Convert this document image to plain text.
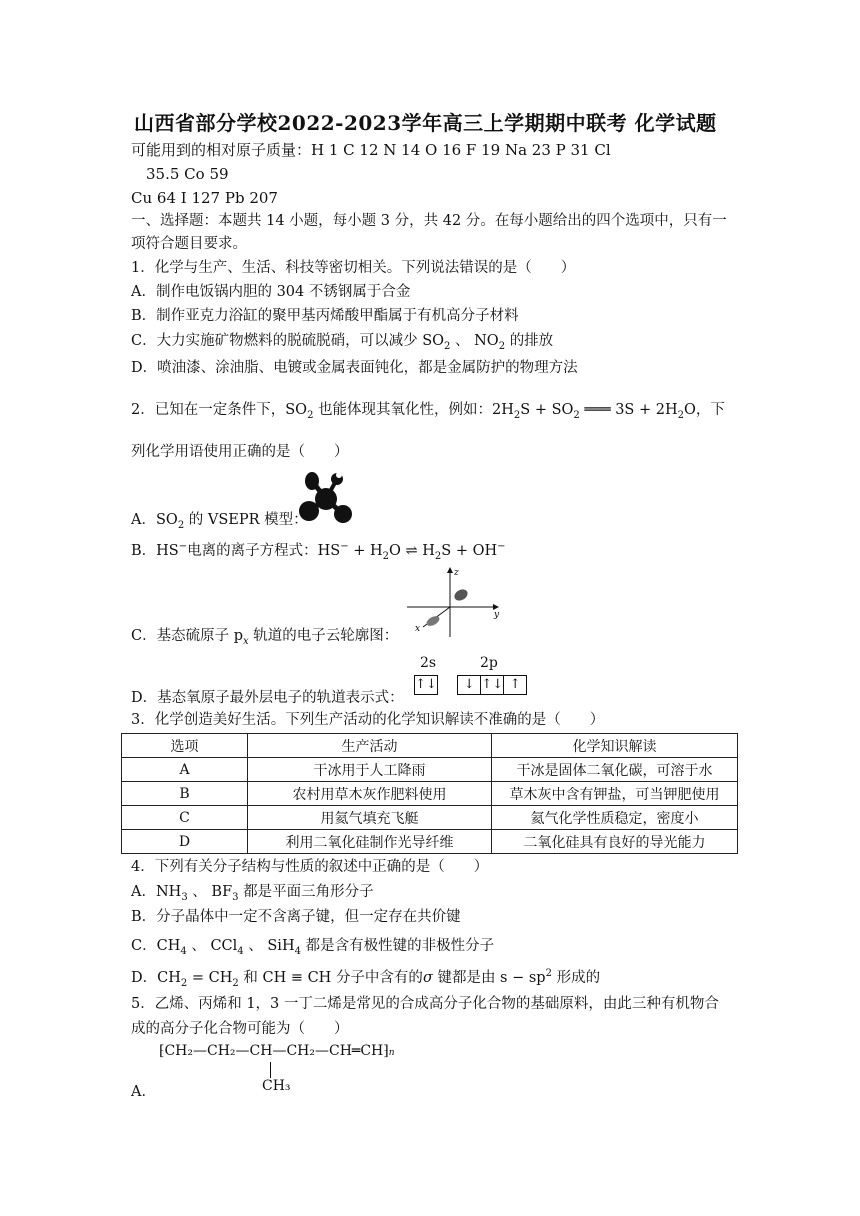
山西省部分学校2022-2023学年高三上学期期中联考 化学试题
可能用到的相对原子质量：H 1 C 12 N 14 O 16 F 19 Na 23 P 31 Cl
35.5 Co 59
Cu 64 I 127 Pb 207
一、选择题：本题共 14 小题，每小题 3 分，共 42 分。在每小题给出的四个选项中，只有一
项符合题目要求。
1．化学与生产、生活、科技等密切相关。下列说法错误的是（　　）
A．制作电饭锅内胆的 304 不锈钢属于合金
B．制作亚克力浴缸的聚甲基丙烯酸甲酯属于有机高分子材料
C．大力实施矿物燃料的脱硫脱硝，可以减少 $SO_2$ 、 $NO_2$ 的排放
D．喷油漆、涂油脂、电镀或金属表面钝化，都是金属防护的物理方法
2．已知在一定条件下，$SO_2$ 也能体现其氧化性，例如：$2H_2S + SO_2$ ═══ $3S + 2H_2O$，下
列化学用语使用正确的是（　　）
A．$SO_2$ 的 VSEPR 模型：
B．HS−电离的离子方程式：$HS^- + H_2O$ ⇌ $H_2S + OH^-$
z
y
x
C．基态硫原子 $p_x$ 轨道的电子云轮廓图：
2s	2p
↑↓ ↓ ↑↓ ↑
D．基态氧原子最外层电子的轨道表示式：
3．化学创造美好生活。下列生产活动的化学知识解读不准确的是（　　）
选项	生产活动	化学知识解读
A	干冰用于人工降雨	干冰是固体二氧化碳，可溶于水
B	农村用草木灰作肥料使用	草木灰中含有钾盐，可当钾肥使用
C	用氦气填充飞艇	氦气化学性质稳定，密度小
D	利用二氧化硅制作光导纤维	二氧化硅具有良好的导光能力
4．下列有关分子结构与性质的叙述中正确的是（　　）
A．$NH_3$ 、 $BF_3$ 都是平面三角形分子
B．分子晶体中一定不含离子键，但一定存在共价键
C．$CH_4$ 、 CCl$_4$ 、 SiH$_4$ 都是含有极性键的非极性分子
D．$CH_2 = CH_2$ 和 CH ≡ CH 分子中含有的σ 键都是由 $s - sp^2$ 形成的
5．乙烯、丙烯和 1，3 一丁二烯是常见的合成高分子化合物的基础原料，由此三种有机物合
成的高分子化合物可能为（　　）
⁅CH₂—CH₂—CH—CH₂—CH═CH⁆n
CH₃
A．
